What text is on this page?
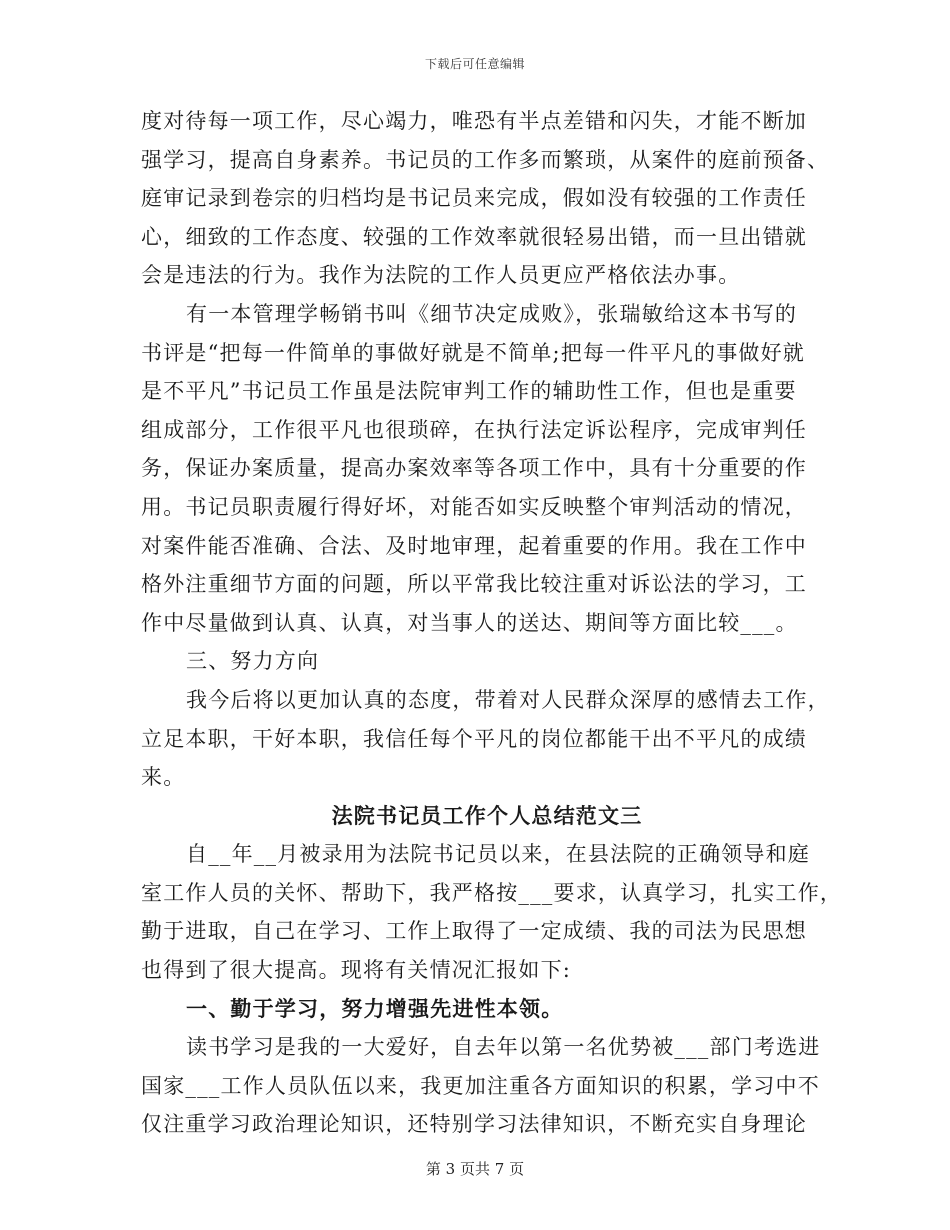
下载后可任意编辑
度对待每一项工作，尽心竭力，唯恐有半点差错和闪失，才能不断加
强学习，提高自身素养。书记员的工作多而繁琐，从案件的庭前预备、
庭审记录到卷宗的归档均是书记员来完成，假如没有较强的工作责任
心，细致的工作态度、较强的工作效率就很轻易出错，而一旦出错就
会是违法的行为。我作为法院的工作人员更应严格依法办事。
有一本管理学畅销书叫《细节决定成败》，张瑞敏给这本书写的
书评是“把每一件简单的事做好就是不简单;把每一件平凡的事做好就
是不平凡”书记员工作虽是法院审判工作的辅助性工作，但也是重要
组成部分，工作很平凡也很琐碎，在执行法定诉讼程序，完成审判任
务，保证办案质量，提高办案效率等各项工作中，具有十分重要的作
用。书记员职责履行得好坏，对能否如实反映整个审判活动的情况，
对案件能否准确、合法、及时地审理，起着重要的作用。我在工作中
格外注重细节方面的问题，所以平常我比较注重对诉讼法的学习，工
作中尽量做到认真、认真，对当事人的送达、期间等方面比较___。
三、努力方向
我今后将以更加认真的态度，带着对人民群众深厚的感情去工作，
立足本职，干好本职，我信任每个平凡的岗位都能干出不平凡的成绩
来。
法院书记员工作个人总结范文三
自__年__月被录用为法院书记员以来，在县法院的正确领导和庭
室工作人员的关怀、帮助下，我严格按___要求，认真学习，扎实工作，
勤于进取，自己在学习、工作上取得了一定成绩、我的司法为民思想
也得到了很大提高。现将有关情况汇报如下:
一、勤于学习，努力增强先进性本领。
读书学习是我的一大爱好，自去年以第一名优势被___部门考选进
国家___工作人员队伍以来，我更加注重各方面知识的积累，学习中不
仅注重学习政治理论知识，还特别学习法律知识，不断充实自身理论
第 3 页共 7 页
